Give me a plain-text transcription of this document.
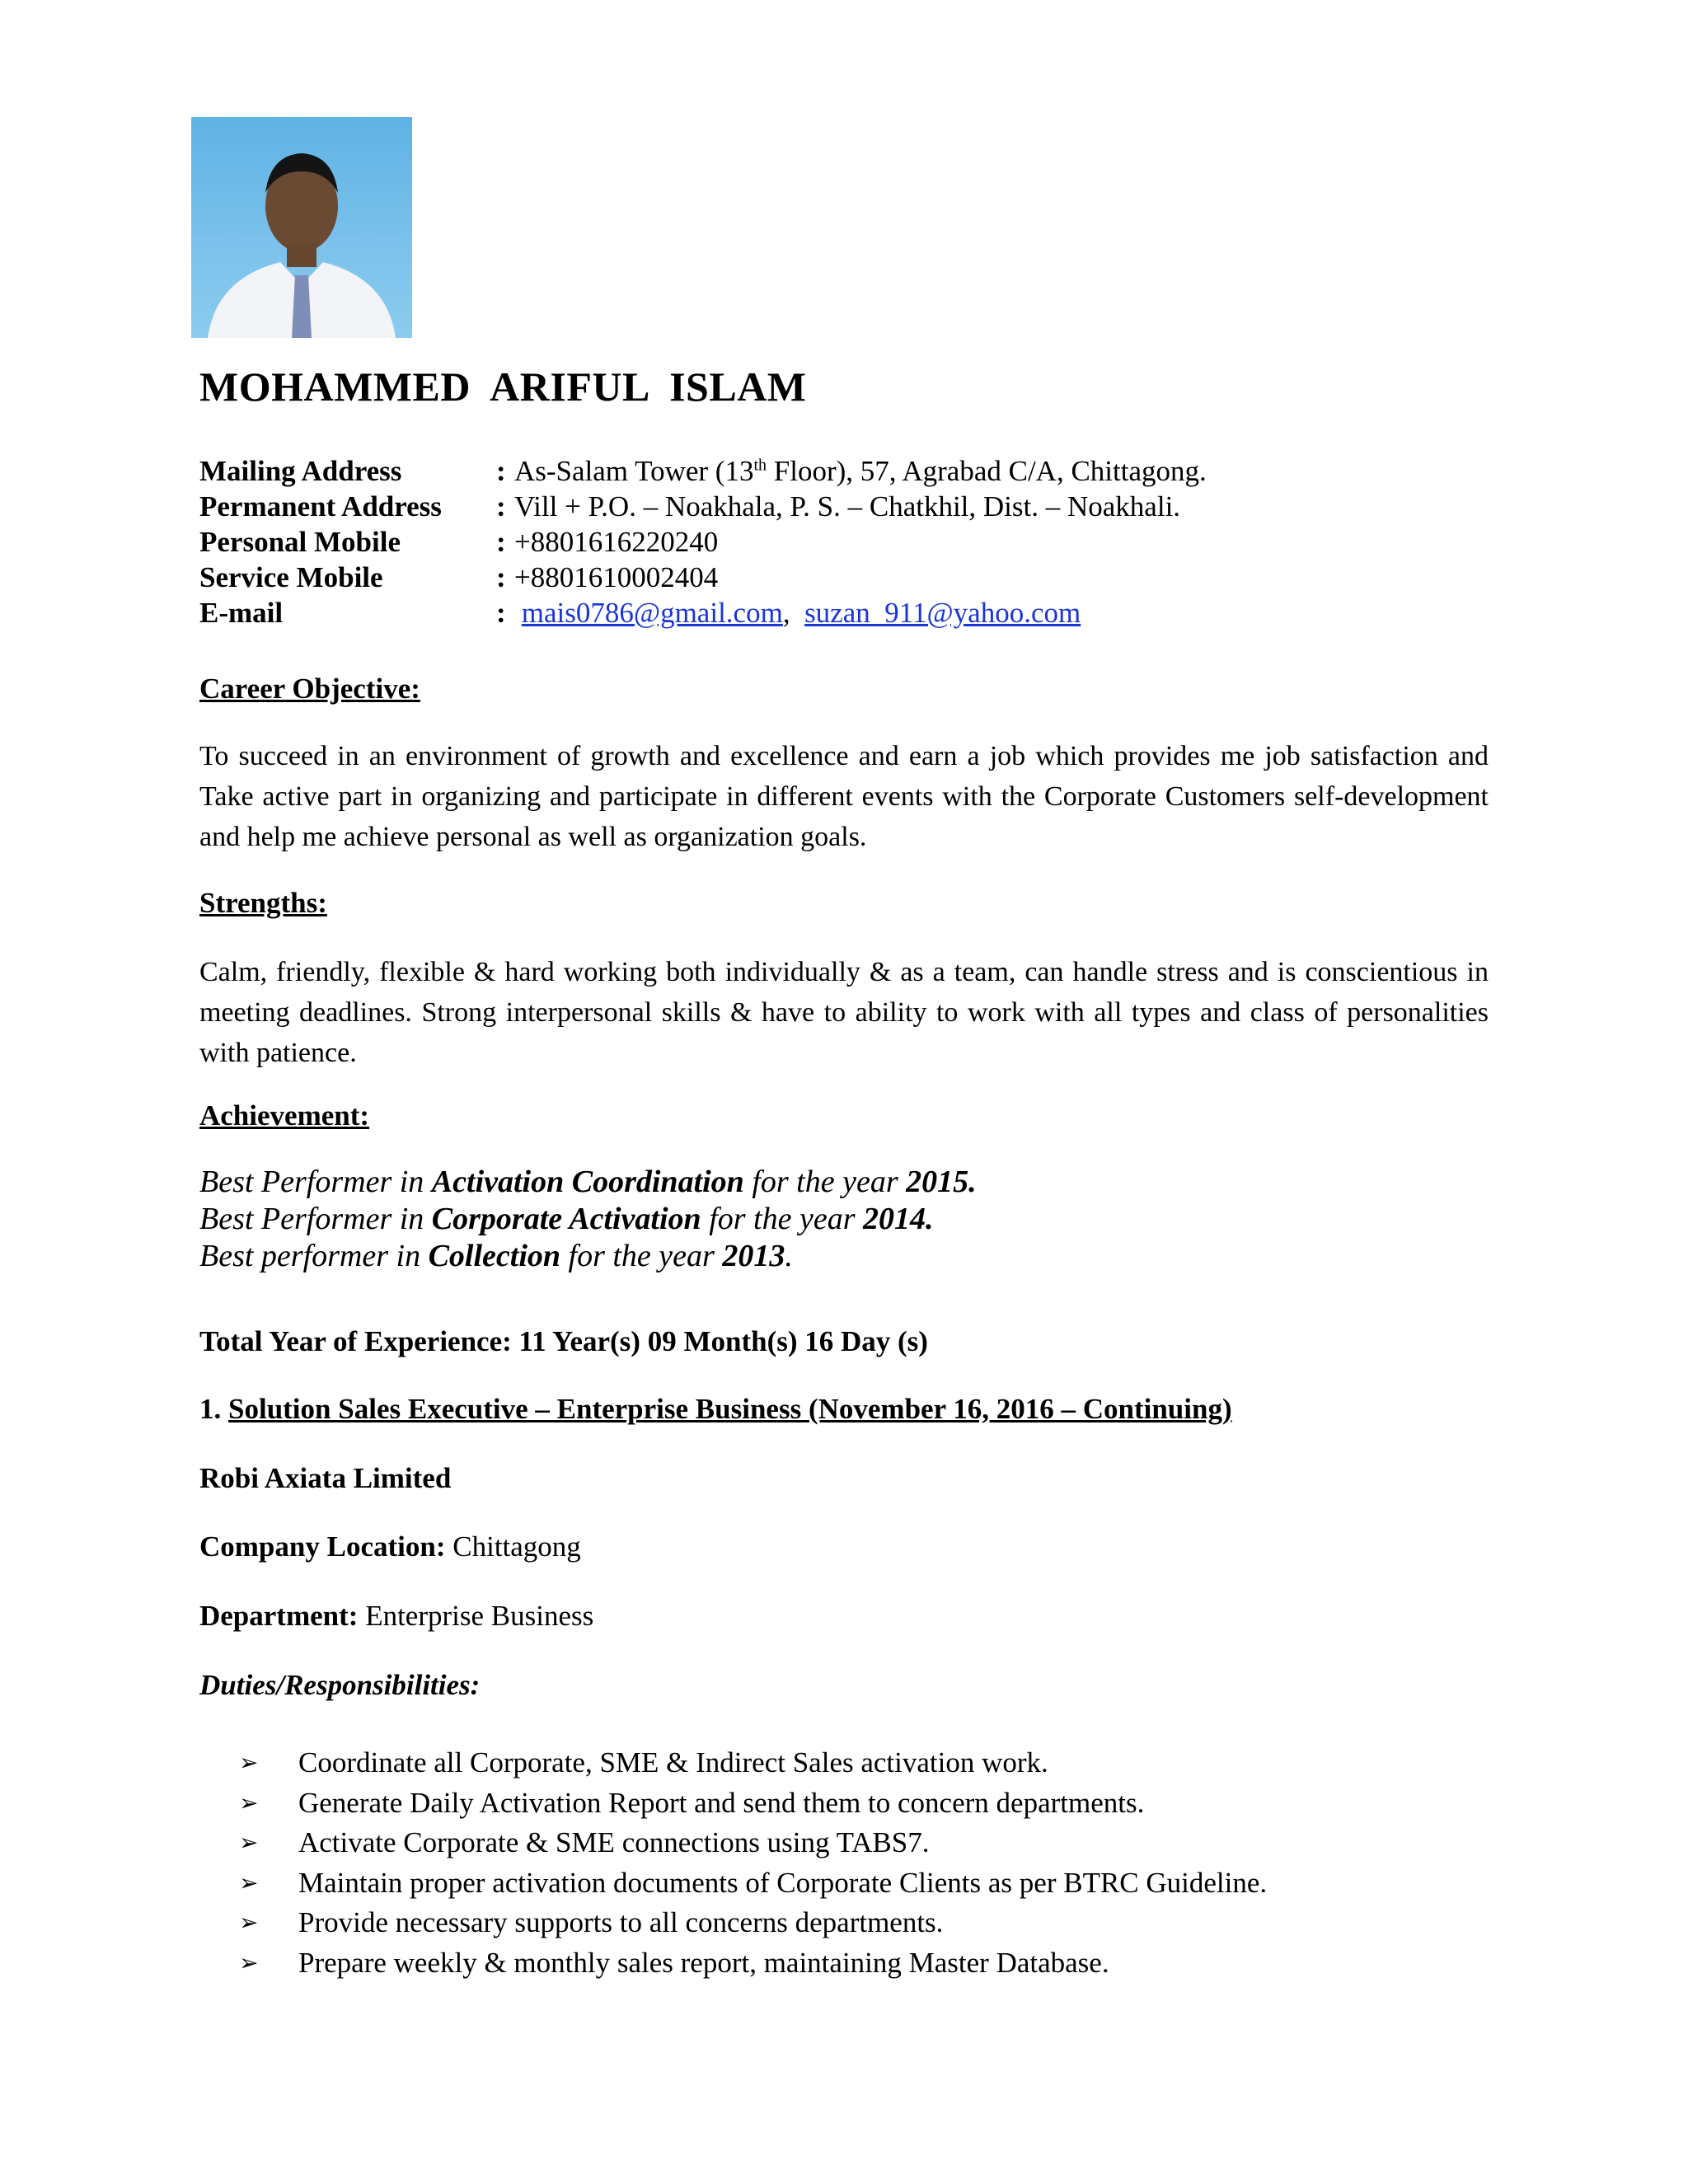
MOHAMMED  ARIFUL  ISLAM
Mailing Address	: As-Salam Tower (13th Floor), 57, Agrabad C/A, Chittagong.
Permanent Address	: Vill + P.O. – Noakhala, P. S. – Chatkhil, Dist. – Noakhali.
Personal Mobile	: +8801616220240
Service Mobile	: +8801610002404
E-mail	: mais0786@gmail.com, suzan_911@yahoo.com
Career Objective:
To succeed in an environment of growth and excellence and earn a job which provides me job satisfaction and Take active part in organizing and participate in different events with the Corporate Customers self-development and help me achieve personal as well as organization goals.
Strengths:
Calm, friendly, flexible & hard working both individually & as a team, can handle stress and is conscientious in meeting deadlines. Strong interpersonal skills & have to ability to work with all types and class of personalities with patience.
Achievement:
Best Performer in Activation Coordination for the year 2015.
Best Performer in Corporate Activation for the year 2014.
Best performer in Collection for the year 2013.
Total Year of Experience: 11 Year(s) 09 Month(s) 16 Day (s)
1. Solution Sales Executive – Enterprise Business (November 16, 2016 – Continuing)
Robi Axiata Limited
Company Location: Chittagong
Department: Enterprise Business
Duties/Responsibilities:
➢	Coordinate all Corporate, SME & Indirect Sales activation work.
➢	Generate Daily Activation Report and send them to concern departments.
➢	Activate Corporate & SME connections using TABS7.
➢	Maintain proper activation documents of Corporate Clients as per BTRC Guideline.
➢	Provide necessary supports to all concerns departments.
➢	Prepare weekly & monthly sales report, maintaining Master Database.
